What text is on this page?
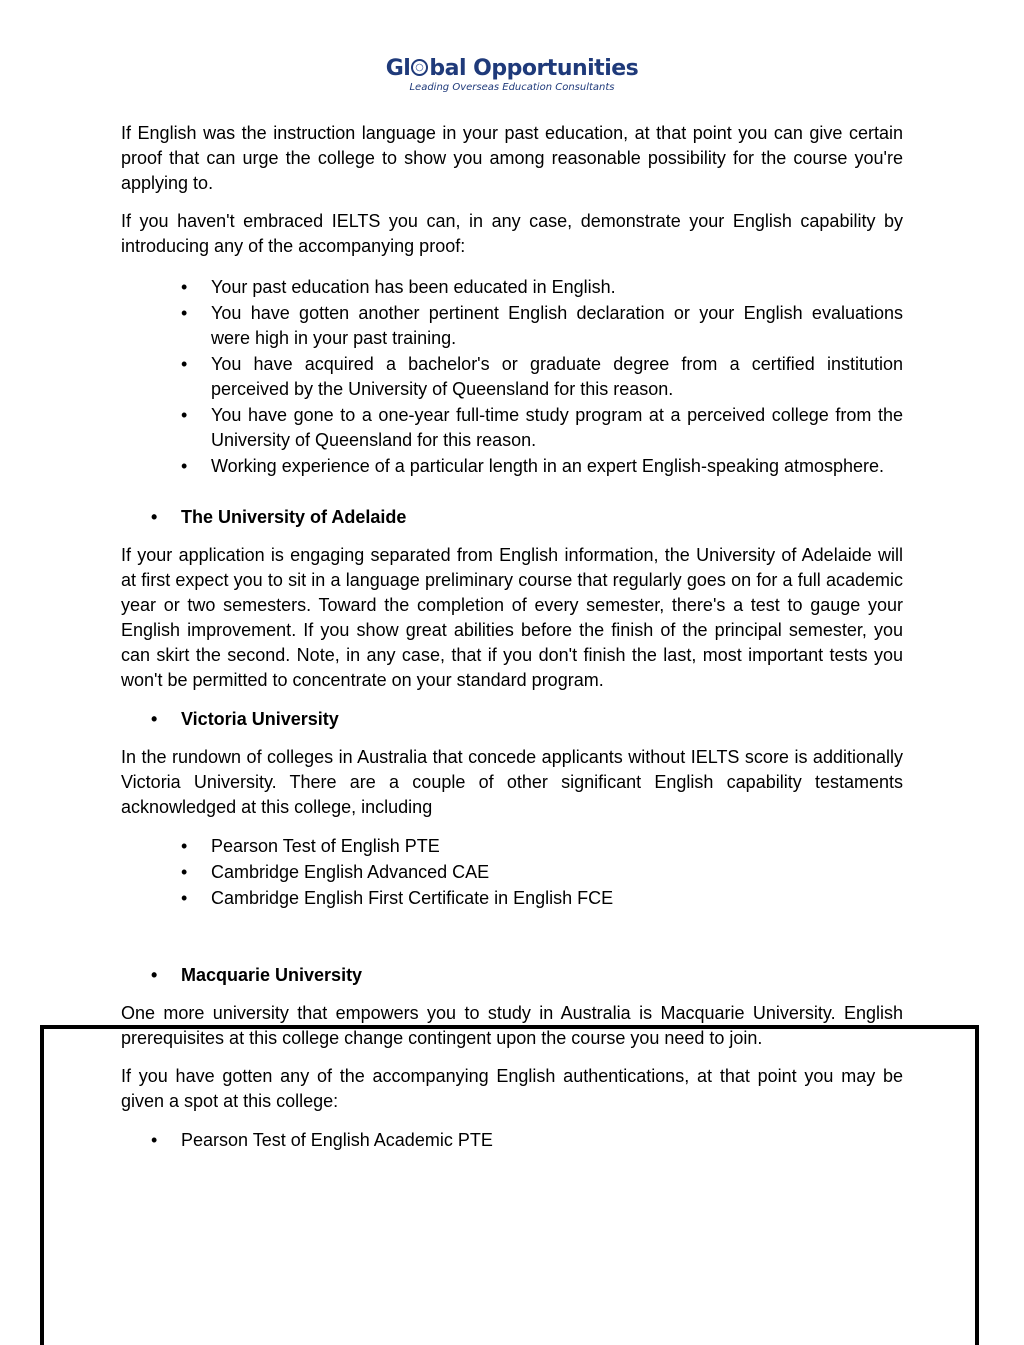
Gl bal Opportunities
Leading Overseas Education Consultants

If English was the instruction language in your past education, at that point you can give certain proof that can urge the college to show you among reasonable possibility for the course you're applying to.

If you haven't embraced IELTS you can, in any case, demonstrate your English capability by introducing any of the accompanying proof:

• Your past education has been educated in English.
• You have gotten another pertinent English declaration or your English evaluations were high in your past training.
• You have acquired a bachelor's or graduate degree from a certified institution perceived by the University of Queensland for this reason.
• You have gone to a one-year full-time study program at a perceived college from the University of Queensland for this reason.
• Working experience of a particular length in an expert English-speaking atmosphere.
• The University of Adelaide

If your application is engaging separated from English information, the University of Adelaide will at first expect you to sit in a language preliminary course that regularly goes on for a full academic year or two semesters. Toward the completion of every semester, there's a test to gauge your English improvement. If you show great abilities before the finish of the principal semester, you can skirt the second. Note, in any case, that if you don't finish the last, most important tests you won't be permitted to concentrate on your standard program.

• Victoria University

In the rundown of colleges in Australia that concede applicants without IELTS score is additionally Victoria University. There are a couple of other significant English capability testaments acknowledged at this college, including

• Pearson Test of English PTE
• Cambridge English Advanced CAE
• Cambridge English First Certificate in English FCE
• Macquarie University

One more university that empowers you to study in Australia is Macquarie University. English prerequisites at this college change contingent upon the course you need to join.

If you have gotten any of the accompanying English authentications, at that point you may be given a spot at this college:

• Pearson Test of English Academic PTE
